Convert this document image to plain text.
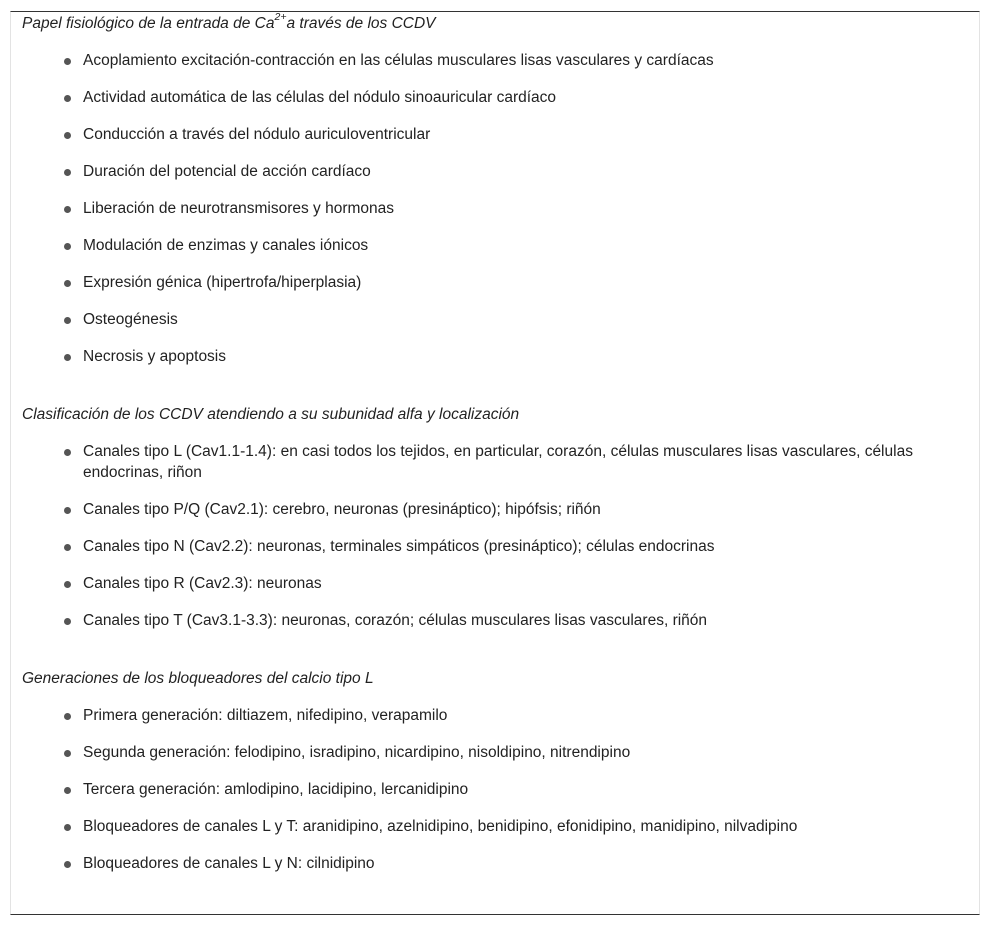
Papel fisiológico de la entrada de $Ca^{2+}a$ través de los CCDV

Acoplamiento excitación-contracción en las células musculares lisas vasculares y cardíacas
Actividad automática de las células del nódulo sinoauricular cardíaco
Conducción a través del nódulo auriculoventricular
Duración del potencial de acción cardíaco
Liberación de neurotransmisores y hormonas
Modulación de enzimas y canales iónicos
Expresión génica (hipertrofa/hiperplasia)
Osteogénesis
Necrosis y apoptosis

Clasificación de los CCDV atendiendo a su subunidad alfa y localización

Canales tipo L (Cav1.1-1.4): en casi todos los tejidos, en particular, corazón, células musculares lisas vasculares, células endocrinas, riñon
Canales tipo P/Q (Cav2.1): cerebro, neuronas (presináptico); hipófsis; riñón
Canales tipo N (Cav2.2): neuronas, terminales simpáticos (presináptico); células endocrinas
Canales tipo R (Cav2.3): neuronas
Canales tipo T (Cav3.1-3.3): neuronas, corazón; células musculares lisas vasculares, riñón

Generaciones de los bloqueadores del calcio tipo L

Primera generación: diltiazem, nifedipino, verapamilo
Segunda generación: felodipino, isradipino, nicardipino, nisoldipino, nitrendipino
Tercera generación: amlodipino, lacidipino, lercanidipino
Bloqueadores de canales L y T: aranidipino, azelnidipino, benidipino, efonidipino, manidipino, nilvadipino
Bloqueadores de canales L y N: cilnidipino
